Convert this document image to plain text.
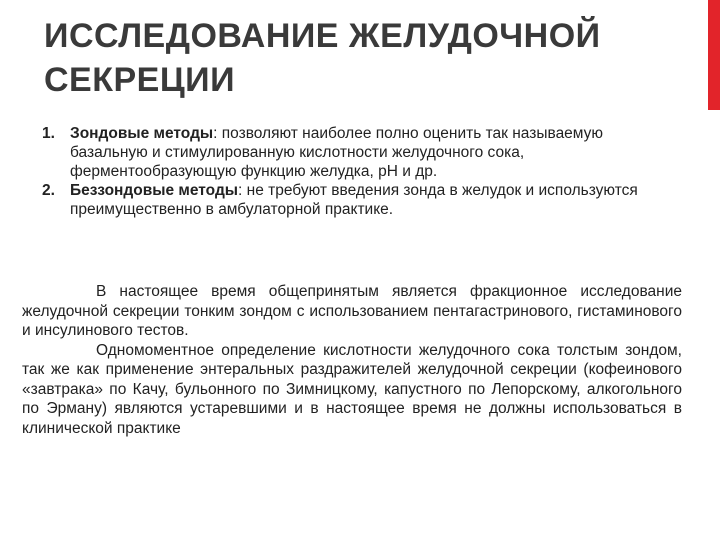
ИССЛЕДОВАНИЕ ЖЕЛУДОЧНОЙ СЕКРЕЦИИ
1. Зондовые методы: позволяют наиболее полно оценить так называемую базальную и стимулированную кислотности желудочного сока, ферментообразующую функцию желудка, рН и др.
2. Беззондовые методы: не требуют введения зонда в желудок и используются преимущественно в амбулаторной практике.

В настоящее время общепринятым является фракционное исследование желудочной секреции тонким зондом с использованием пентагастринового, гистаминового и инсулинового тестов.

Одномоментное определение кислотности желудочного сока толстым зондом, так же как применение энтеральных раздражителей желудочной секреции (кофеинового «завтрака» по Качу, бульонного по Зимницкому, капустного по Лепорскому, алкогольного по Эрману) являются устаревшими и в настоящее время не должны использоваться в клинической практике
